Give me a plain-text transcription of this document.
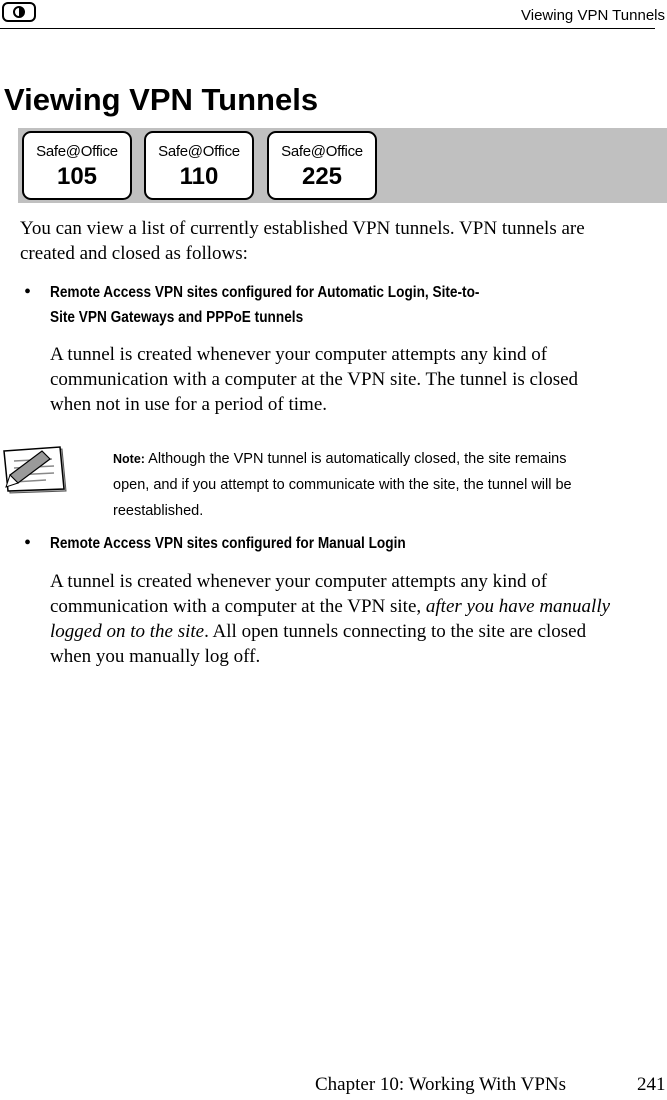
Viewing VPN Tunnels
Viewing VPN Tunnels
Safe@Office
105
Safe@Office
110
Safe@Office
225
You can view a list of currently established VPN tunnels. VPN tunnels are
created and closed as follows:
• Remote Access VPN sites configured for Automatic Login, Site-to-
Site VPN Gateways and PPPoE tunnels
A tunnel is created whenever your computer attempts any kind of
communication with a computer at the VPN site. The tunnel is closed
when not in use for a period of time.
Note: Although the VPN tunnel is automatically closed, the site remains
open, and if you attempt to communicate with the site, the tunnel will be
reestablished.
• Remote Access VPN sites configured for Manual Login
A tunnel is created whenever your computer attempts any kind of
communication with a computer at the VPN site, after you have manually
logged on to the site. All open tunnels connecting to the site are closed
when you manually log off.
Chapter 10: Working With VPNs	241
